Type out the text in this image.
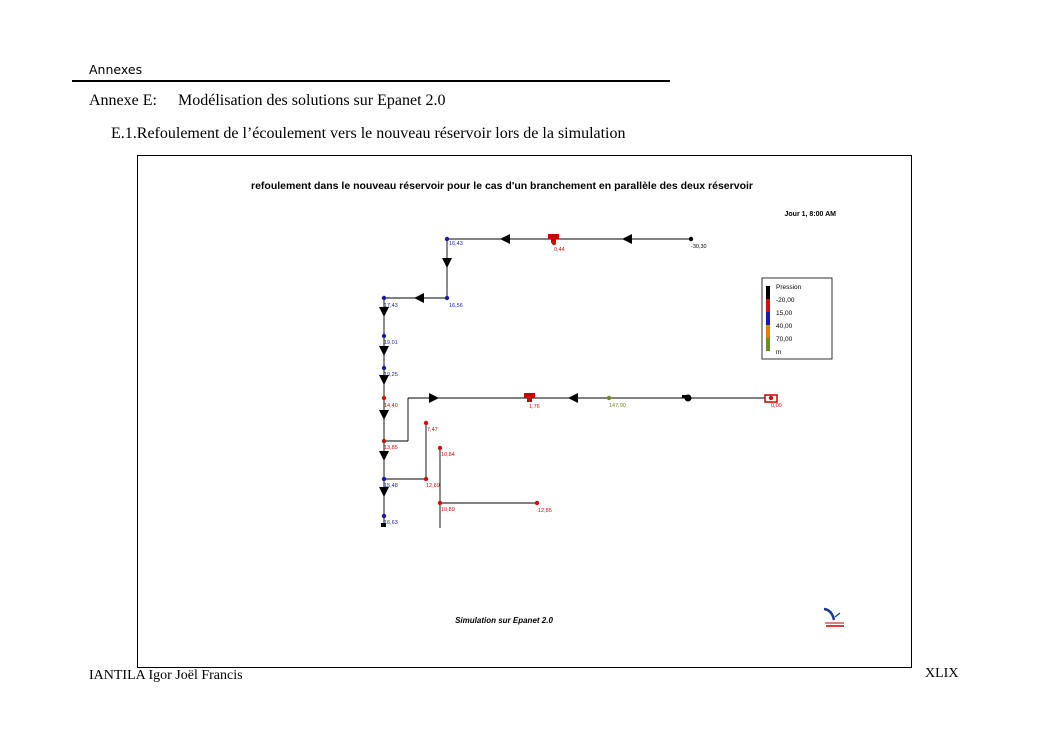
Annexes
Annexe E: Modélisation des solutions sur Epanet 2.0
E.1.Refoulement de l’écoulement vers le nouveau réservoir lors de la simulation
refoulement dans le nouveau réservoir pour le cas d'un branchement en parallèle des deux réservoir
Jour 1, 8:00 AM
16,43
0,44	-30,30
16,56
17,43
19,01
19,25
14,40	1,76	147,90	0,00
7,47
10,84
13,85
12,69
15,48
10,89	12,85
16,63
Pression
-20,00
15,00
40,00
70,00
m
Simulation sur Epanet 2.0
IANTILA Igor Joël Francis	XLIX
